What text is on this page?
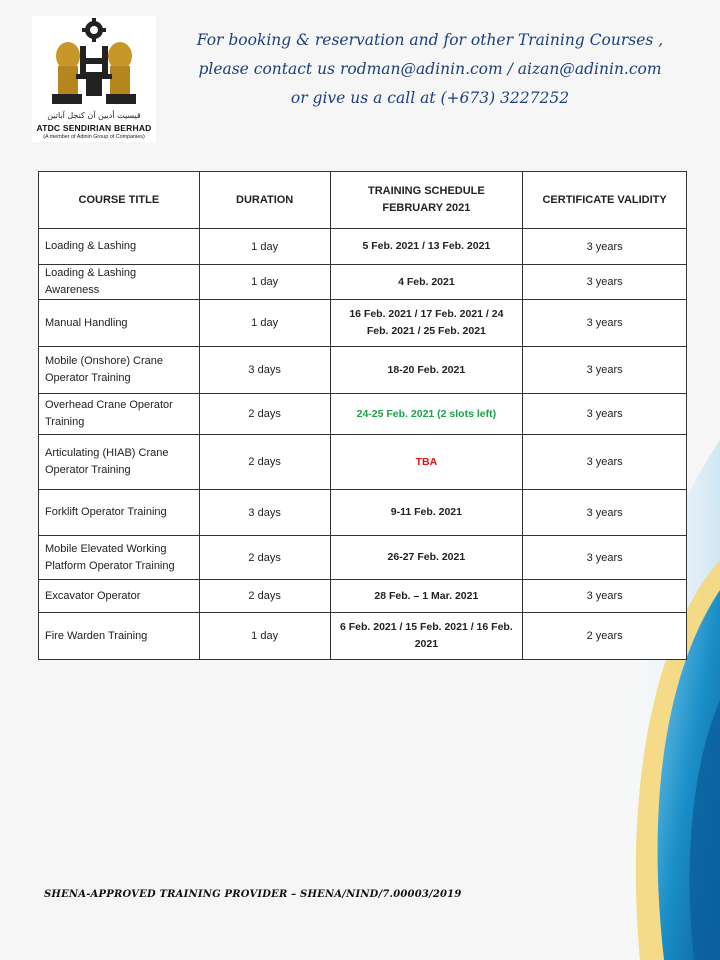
قيسيت أديين آن كنجل آباتين
ATDC SENDIRIAN BERHAD
(A member of Adinin Group of Companies)
For booking & reservation and for other Training Courses ,
please contact us rodman@adinin.com / aizan@adinin.com
or give us a call at (+673) 3227252
COURSE TITLE	DURATION	TRAINING SCHEDULE
FEBRUARY 2021	CERTIFICATE VALIDITY
Loading & Lashing	1 day	5 Feb. 2021 / 13 Feb. 2021	3 years
Loading & Lashing Awareness	1 day	4 Feb. 2021	3 years
Manual Handling	1 day	16 Feb. 2021 / 17 Feb. 2021 / 24
Feb. 2021 / 25 Feb. 2021	3 years
Mobile (Onshore) Crane
Operator Training	3 days	18-20 Feb. 2021	3 years
Overhead Crane Operator
Training	2 days	24-25 Feb. 2021 (2 slots left)	3 years
Articulating (HIAB) Crane
Operator Training	2 days	TBA	3 years
Forklift Operator Training	3 days	9-11 Feb. 2021	3 years
Mobile Elevated Working
Platform Operator Training	2 days	26-27 Feb. 2021	3 years
Excavator Operator	2 days	28 Feb. – 1 Mar. 2021	3 years
Fire Warden Training	1 day	6 Feb. 2021 / 15 Feb. 2021 / 16 Feb.
2021	2 years
SHENA-APPROVED TRAINING PROVIDER – SHENA/NIND/7.00003/2019
